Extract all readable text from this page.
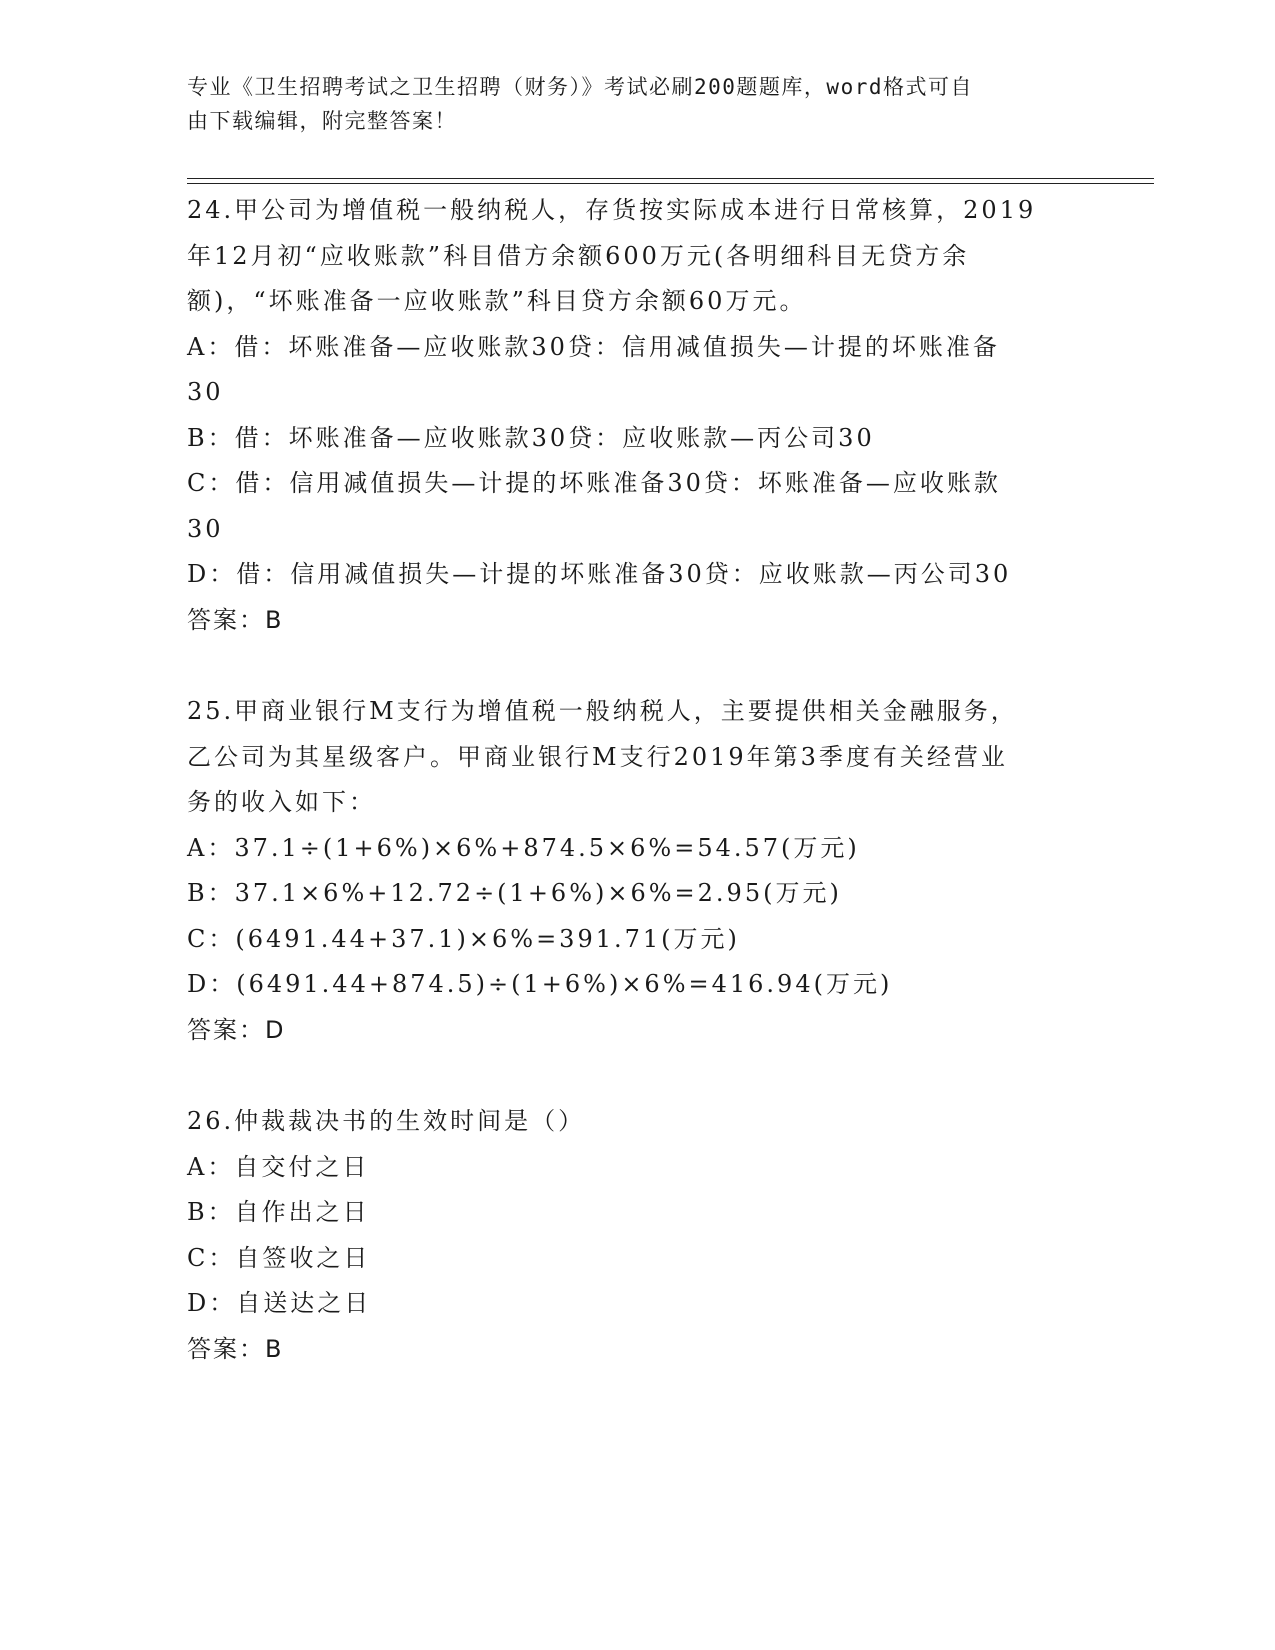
专业《卫生招聘考试之卫生招聘（财务）》考试必刷200题题库，word格式可自

由下载编辑，附完整答案！

24.甲公司为增值税一般纳税人，存货按实际成本进行日常核算，2019

年12月初“应收账款”科目借方余额600万元(各明细科目无贷方余

额)，“坏账准备一应收账款”科目贷方余额60万元。

A：借：坏账准备—应收账款30贷：信用减值损失—计提的坏账准备

30

B：借：坏账准备—应收账款30贷：应收账款—丙公司30

C：借：信用减值损失—计提的坏账准备30贷：坏账准备—应收账款

30

D：借：信用减值损失—计提的坏账准备30贷：应收账款—丙公司30

答案：B

25.甲商业银行M支行为增值税一般纳税人，主要提供相关金融服务，

乙公司为其星级客户。甲商业银行M支行2019年第3季度有关经营业

务的收入如下：

A：37.1÷(1+6%)×6%+874.5×6%=54.57(万元)

B：37.1×6%+12.72÷(1+6%)×6%=2.95(万元)

C：(6491.44+37.1)×6%=391.71(万元)

D：(6491.44+874.5)÷(1+6%)×6%=416.94(万元)

答案：D

26.仲裁裁决书的生效时间是（）

A：自交付之日

B：自作出之日

C：自签收之日

D：自送达之日

答案：B
